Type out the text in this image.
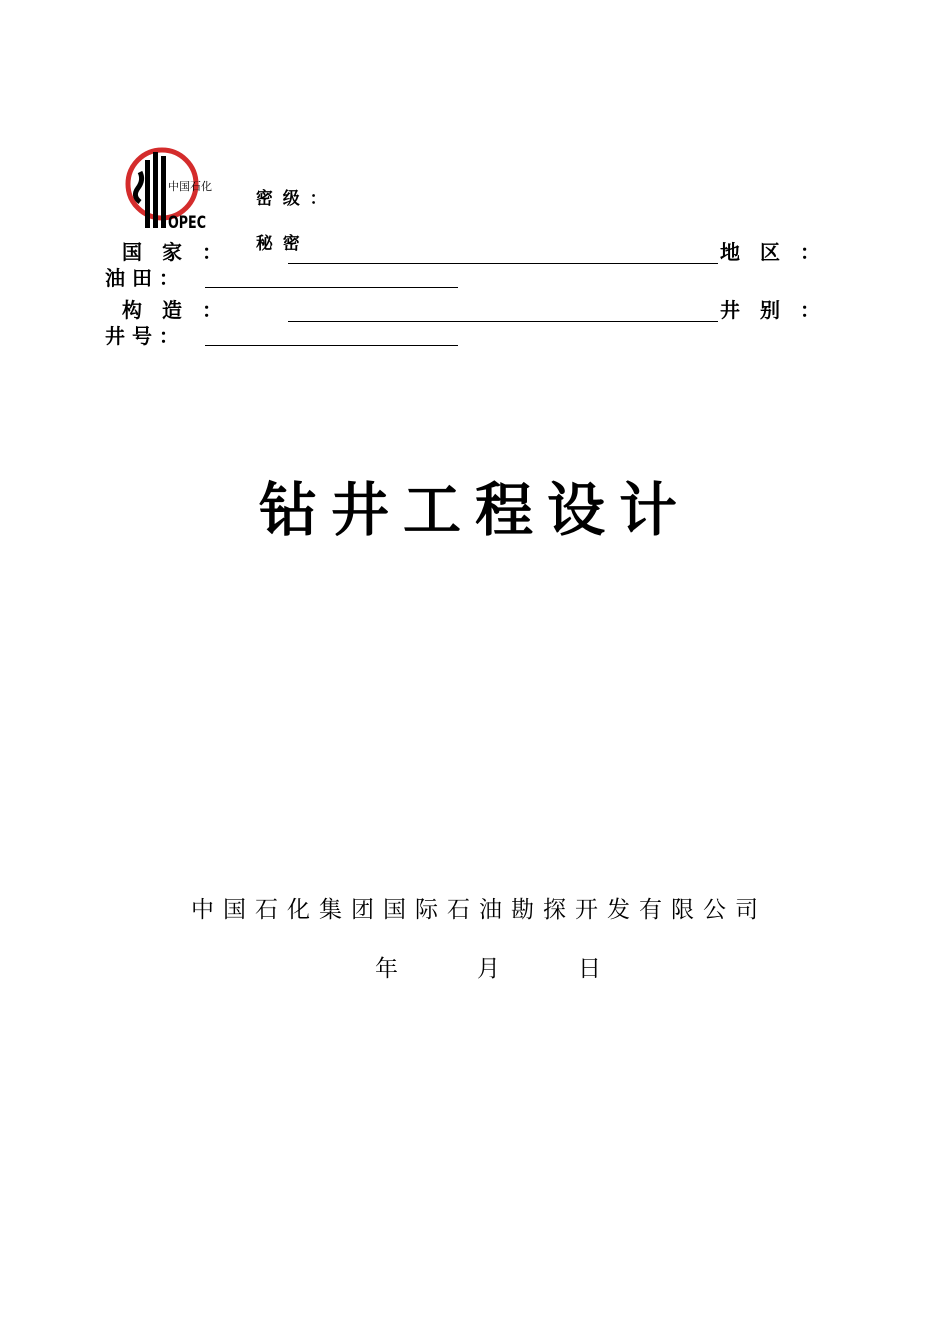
中国石化
OPEC

密 级 ：

秘 密

国　家　：	地　区　：
油 田 ：
构　造　：	井　别　：
井 号 ：
钻井工程设计
中国石化集团国际石油勘探开发有限公司
年	月	日
